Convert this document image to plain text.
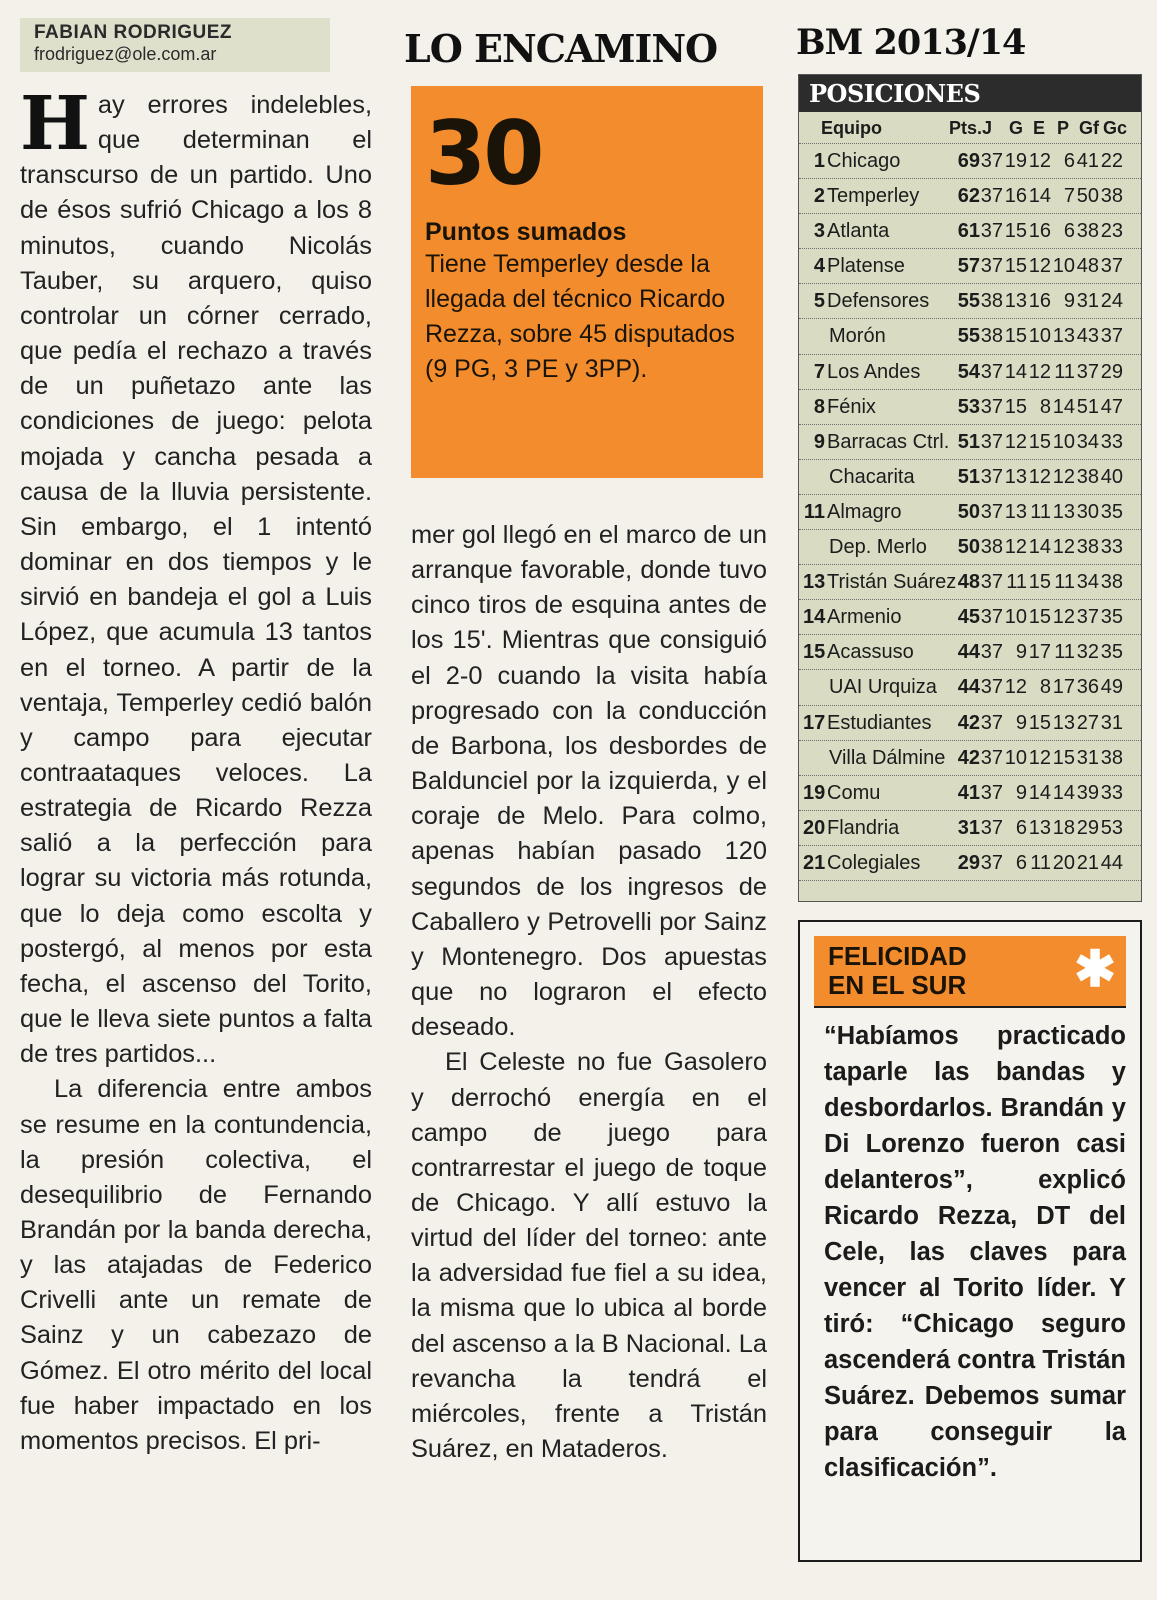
FABIAN RODRIGUEZ
frodriguez@ole.com.ar

Hay errores indelebles, que determinan el transcurso de un partido. Uno de ésos sufrió Chicago a los 8 minutos, cuando Nicolás Tauber, su arquero, quiso controlar un córner cerrado, que pedía el rechazo a través de un puñetazo ante las condiciones de juego: pelota mojada y cancha pesada a causa de la lluvia persistente. Sin embargo, el 1 intentó dominar en dos tiempos y le sirvió en bandeja el gol a Luis López, que acumula 13 tantos en el torneo. A partir de la ventaja, Temperley cedió balón y campo para ejecutar contraataques veloces. La estrategia de Ricardo Rezza salió a la perfección para lograr su victoria más rotunda, que lo deja como escolta y postergó, al menos por esta fecha, el ascenso del Torito, que le lleva siete puntos a falta de tres partidos...

La diferencia entre ambos se resume en la contundencia, la presión colectiva, el desequilibrio de Fernando Brandán por la banda derecha, y las atajadas de Federico Crivelli ante un remate de Sainz y un cabezazo de Gómez. El otro mérito del local fue haber impactado en los momentos precisos. El pri-

LO ENCAMINO
30
Puntos sumados
Tiene Temperley desde la llegada del técnico Ricardo Rezza, sobre 45 disputados (9 PG, 3 PE y 3PP).

mer gol llegó en el marco de un arranque favorable, donde tuvo cinco tiros de esquina antes de los 15'. Mientras que consiguió el 2-0 cuando la visita había progresado con la conducción de Barbona, los desbordes de Balduncie​l por la izquierda, y el coraje de Melo. Para colmo, apenas habían pasado 120 segundos de los ingresos de Caballero y Petrovelli por Sainz y Montenegro. Dos apuestas que no lograron el efecto deseado.

El Celeste no fue Gasolero y derrochó energía en el campo de juego para contrarrestar el juego de toque de Chicago. Y allí estuvo la virtud del líder del torneo: ante la adversidad fue fiel a su idea, la misma que lo ubica al borde del ascenso a la B Nacional. La revancha la tendrá el miércoles, frente a Tristán Suárez, en Mataderos.

BM 2013/14
POSICIONES
Equipo	Pts. J G E P Gf Gc
1 Chicago	69 37 19 12 6 41 22
2 Temperley 62 37 16 14 7 50 38
3 Atlanta	61 37 15 16 6 38 23
4 Platense	57 37 15 12 10 48 37
5 Defensores 55 38 13 16 9 31 24
Morón	55 38 15 10 13 43 37
7 Los Andes 54 37 14 12 11 37 29
8 Fénix	53 37 15 8 14 51 47
9 Barracas Ctrl. 51 37 12 15 10 34 33
Chacarita 51 37 13 12 12 38 40
11 Almagro	50 37 13 11 13 30 35
Dep. Merlo 50 38 12 14 12 38 33
13 Tristán Suárez 48 37 11 15 11 34 38
14 Armenio	45 37 10 15 12 37 35
15 Acassuso 44 37 9 17 11 32 35
UAI Urquiza 44 37 12 8 17 36 49
17 Estudiantes 42 37 9 15 13 27 31
Villa Dálmine 42 37 10 12 15 31 38
19 Comu	41 37 9 14 14 39 33
20 Flandria	31 37 6 13 18 29 53
21 Colegiales 29 37 6 11 20 21 44
FELICIDAD
EN EL SUR ✱
“Habíamos practicado taparle las bandas y desbordarlos. Brandán y Di Lorenzo fueron casi delanteros”, explicó Ricardo Rezza, DT del Cele, las claves para vencer al Torito líder. Y tiró: “Chicago seguro ascenderá contra Tristán Suárez. Debemos sumar para conseguir la clasificación”.
